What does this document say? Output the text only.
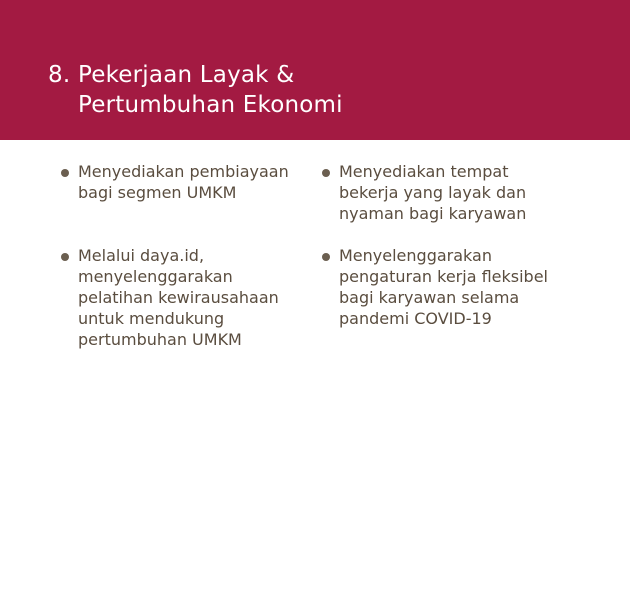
8. Pekerjaan Layak &
Pertumbuhan Ekonomi
Menyediakan pembiayaan
bagi segmen UMKM
Melalui daya.id,
menyelenggarakan
pelatihan kewirausahaan
untuk mendukung
pertumbuhan UMKM
Menyediakan tempat
bekerja yang layak dan
nyaman bagi karyawan
Menyelenggarakan
pengaturan kerja fleksibel
bagi karyawan selama
pandemi COVID-19
